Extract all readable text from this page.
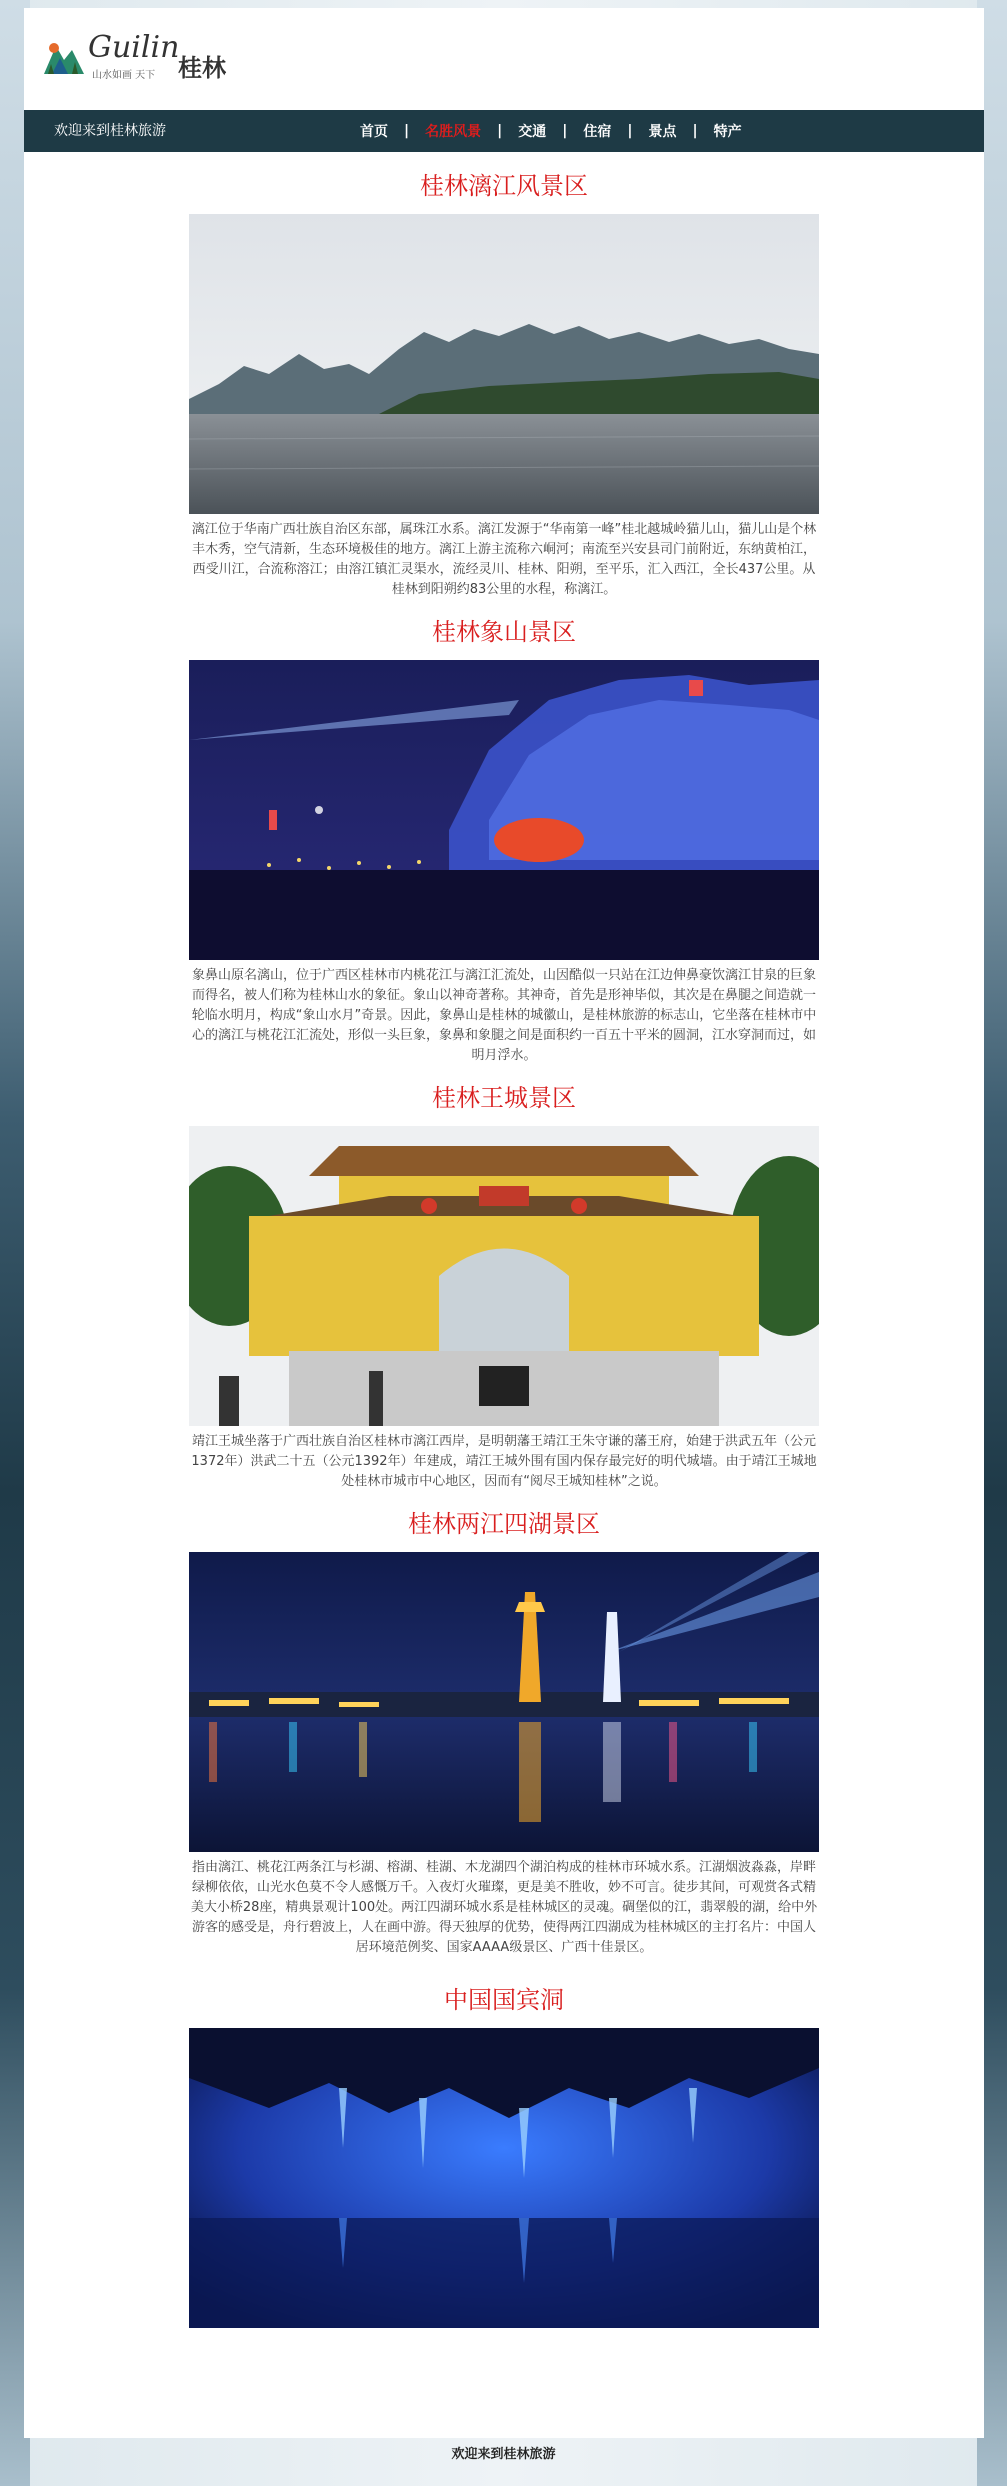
Guilin
桂林
山水如画 天下
欢迎来到桂林旅游	首页	|	名胜风景	|	交通	|	住宿	|	景点	|	特产
桂林漓江风景区
漓江位于华南广西壮族自治区东部，属珠江水系。漓江发源于“华南第一峰”桂北越城岭猫儿山，猫儿山是个林丰木秀，空气清新，生态环境极佳的地方。漓江上游主流称六峒河；南流至兴安县司门前附近，东纳黄柏江，西受川江，合流称溶江；由溶江镇汇灵渠水，流经灵川、桂林、阳朔，至平乐，汇入西江，全长437公里。从桂林到阳朔约83公里的水程，称漓江。
桂林象山景区
象鼻山原名漓山，位于广西区桂林市内桃花江与漓江汇流处，山因酷似一只站在江边伸鼻豪饮漓江甘泉的巨象而得名，被人们称为桂林山水的象征。象山以神奇著称。其神奇，首先是形神毕似，其次是在鼻腿之间造就一轮临水明月，构成“象山水月”奇景。因此，象鼻山是桂林的城徽山，是桂林旅游的标志山，它坐落在桂林市中心的漓江与桃花江汇流处，形似一头巨象，象鼻和象腿之间是面积约一百五十平米的圆洞，江水穿洞而过，如明月浮水。
桂林王城景区
靖江王城坐落于广西壮族自治区桂林市漓江西岸，是明朝藩王靖江王朱守谦的藩王府，始建于洪武五年（公元1372年）洪武二十五（公元1392年）年建成，靖江王城外围有国内保存最完好的明代城墙。由于靖江王城地处桂林市城市中心地区，因而有“阅尽王城知桂林”之说。
桂林两江四湖景区
指由漓江、桃花江两条江与杉湖、榕湖、桂湖、木龙湖四个湖泊构成的桂林市环城水系。江湖烟波淼淼，岸畔绿柳依依，山光水色莫不令人感慨万千。入夜灯火璀璨，更是美不胜收，妙不可言。徒步其间，可观赏各式精美大小桥28座，精典景观计100处。两江四湖环城水系是桂林城区的灵魂。碉堡似的江，翡翠般的湖，给中外游客的感受是，舟行碧波上，人在画中游。得天独厚的优势，使得两江四湖成为桂林城区的主打名片：中国人居环境范例奖、国家AAAA级景区、广西十佳景区。
中国国宾洞
欢迎来到桂林旅游
